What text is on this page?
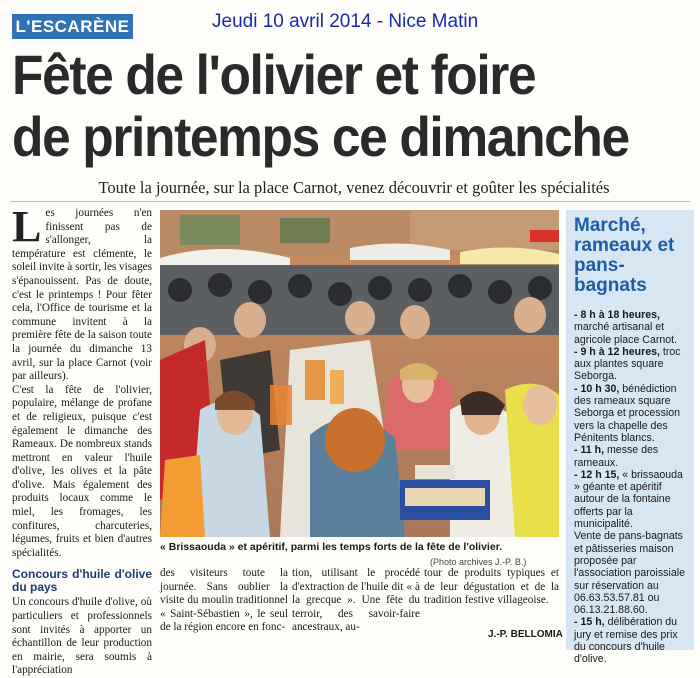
L'ESCARÈNE	Jeudi 10 avril 2014 - Nice Matin
Fête de l'olivier et foire
de printemps ce dimanche
Toute la journée, sur la place Carnot, venez découvrir et goûter les spécialités
L es journées n'en finissent pas de s'allonger, la température est clémente, le soleil invite à sortir, les visages s'épanouissent. Pas de doute, c'est le printemps ! Pour fêter cela, l'Office de tourisme et la commune invitent à la première fête de la saison toute la journée du dimanche 13 avril, sur la place Carnot (voir par ailleurs).

C'est la fête de l'olivier, populaire, mélange de profane et de religieux, puisque c'est également le dimanche des Rameaux. De nombreux stands mettront en valeur l'huile d'olive, les olives et la pâte d'olive. Mais également des produits locaux comme le miel, les fromages, les confitures, charcuteries, légumes, fruits et bien d'autres spécialités.

Concours d'huile d'olive du pays

Un concours d'huile d'olive, où particuliers et professionnels sont invités à apporter un échantillon de leur production en mairie, sera soumis à l'appréciation

« Brissaouda » et apéritif, parmi les temps forts de la fête de l'olivier.
(Photo archives J.-P. B.)

des visiteurs toute la journée. Sans oublier la visite du moulin traditionnel « Saint-Sébastien », le seul de la région encore en fonc-

tion, utilisant le procédé d'extraction de l'huile dit « à la grecque ». Une fête du terroir, des savoir-faire ancestraux, au-

tour de produits typiques et de leur dégustation et de la tradition festive villageoise.

J.-P. BELLOMIA
Marché, rameaux et pans-bagnats

- 8 h à 18 heures, marché artisanal et agricole place Carnot.

- 9 h à 12 heures, troc aux plantes square Seborga.

- 10 h 30, bénédiction des rameaux square Seborga et procession vers la chapelle des Pénitents blancs.

- 11 h, messe des rameaux.

- 12 h 15, « brissaouda » géante et apéritif autour de la fontaine offerts par la municipalité.

Vente de pans-bagnats et pâtisseries maison proposée par l'association paroissiale sur réservation au 06.63.53.57.81 ou 06.13.21.88.60.

- 15 h, délibération du jury et remise des prix du concours d'huile d'olive.
